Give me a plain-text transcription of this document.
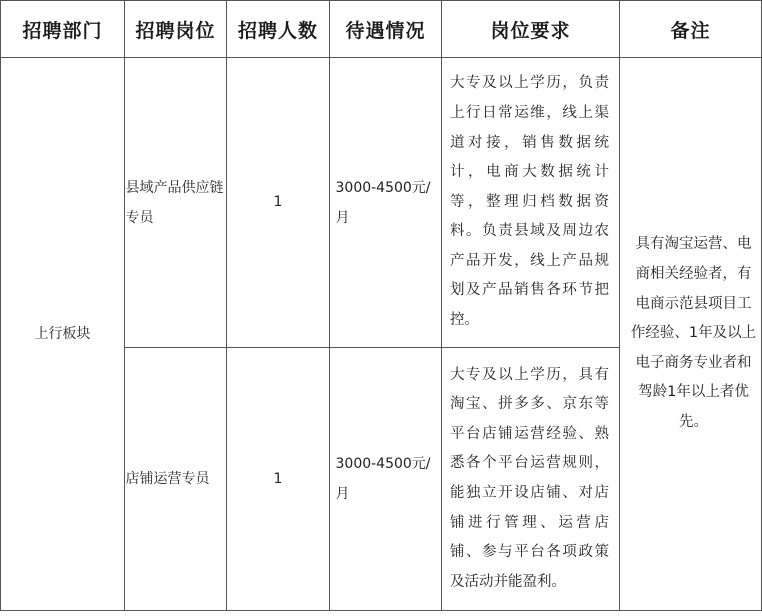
招聘部门	招聘岗位	招聘人数	待遇情况	岗位要求	备注

上行板块	县域产品供应链专员	1	3000-4500元/月	大专及以上学历，负责上行日常运维，线上渠道对接，销售数据统计，电商大数据统计等，整理归档数据资料。负责县域及周边农产品开发，线上产品规划及产品销售各环节把控。	具有淘宝运营、电商相关经验者，有电商示范县项目工作经验、1年及以上电子商务专业者和驾龄1年以上者优先。

	店铺运营专员	1	3000-4500元/月	大专及以上学历，具有淘宝、拼多多、京东等平台店铺运营经验、熟悉各个平台运营规则，能独立开设店铺、对店铺进行管理、运营店铺、参与平台各项政策及活动并能盈利。	
